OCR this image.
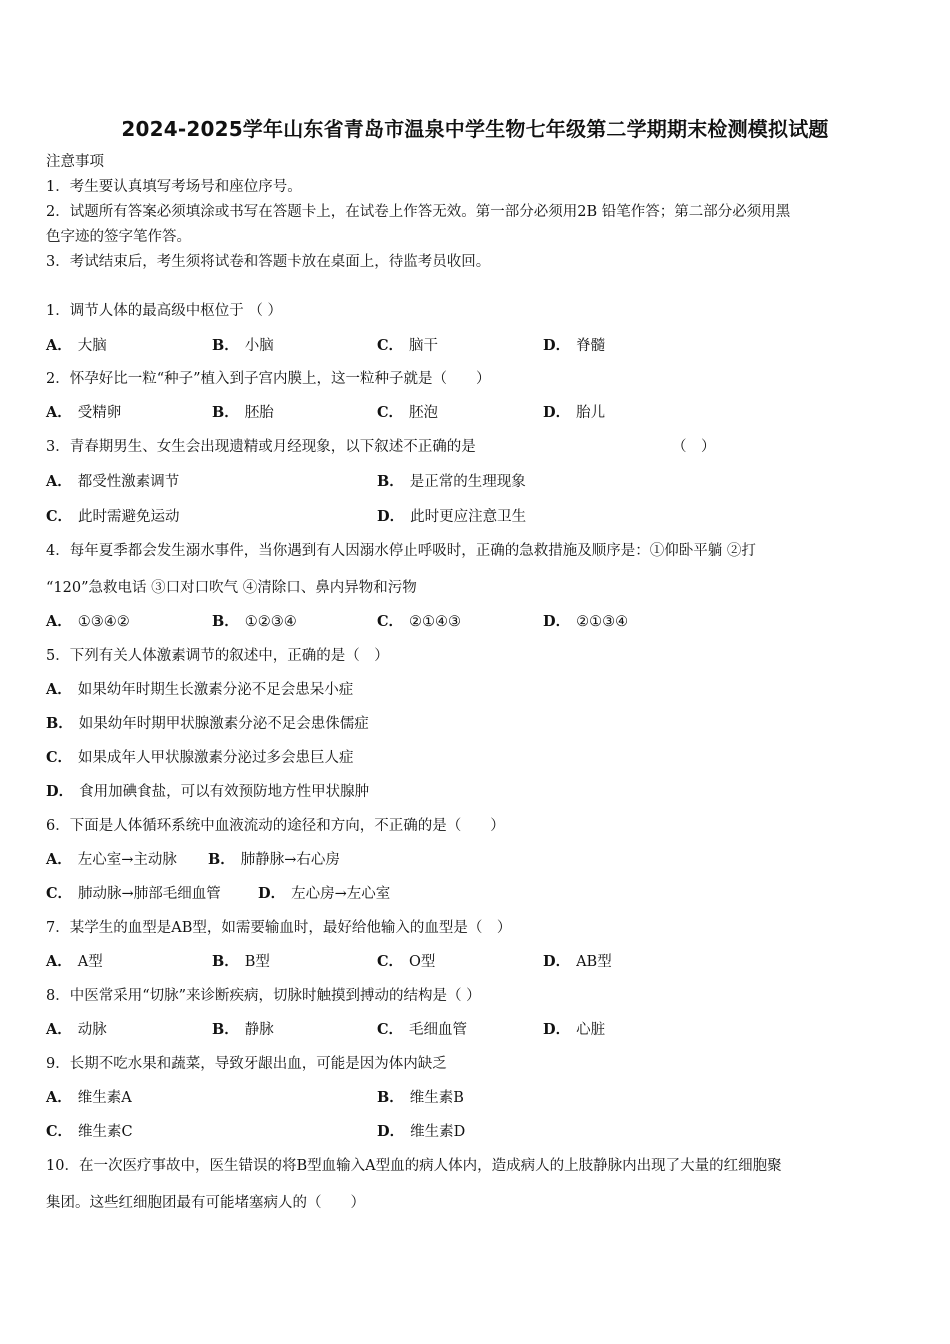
2024-2025学年山东省青岛市温泉中学生物七年级第二学期期末检测模拟试题
注意事项
1．考生要认真填写考场号和座位序号。
2．试题所有答案必须填涂或书写在答题卡上，在试卷上作答无效。第一部分必须用2B 铅笔作答；第二部分必须用黑
色字迹的签字笔作答。
3．考试结束后，考生须将试卷和答题卡放在桌面上，待监考员收回。
1．调节人体的最高级中枢位于 （ ）
A． 大脑	B． 小脑	C． 脑干	D． 脊髓
2．怀孕好比一粒“种子”植入到子宫内膜上，这一粒种子就是（　　）
A． 受精卵	B． 胚胎	C． 胚泡	D． 胎儿
3．青春期男生、女生会出现遗精或月经现象，以下叙述不正确的是	（　）
A． 都受性激素调节	B． 是正常的生理现象
C． 此时需避免运动	D． 此时更应注意卫生
4．每年夏季都会发生溺水事件，当你遇到有人因溺水停止呼吸时，正确的急救措施及顺序是：①仰卧平躺 ②打
“120”急救电话 ③口对口吹气 ④清除口、鼻内异物和污物
A． ①③④②	B． ①②③④	C． ②①④③	D． ②①③④
5．下列有关人体激素调节的叙述中，正确的是（　）
A． 如果幼年时期生长激素分泌不足会患呆小症
B． 如果幼年时期甲状腺激素分泌不足会患侏儒症
C． 如果成年人甲状腺激素分泌过多会患巨人症
D． 食用加碘食盐，可以有效预防地方性甲状腺肿
6．下面是人体循环系统中血液流动的途径和方向，不正确的是（　　）
A． 左心室→主动脉 B． 肺静脉→右心房
C． 肺动脉→肺部毛细血管	D． 左心房→左心室
7．某学生的血型是AB型，如需要输血时，最好给他输入的血型是（　）
A． A型	B． B型	C． O型	D． AB型
8．中医常采用“切脉”来诊断疾病，切脉时触摸到搏动的结构是（ ）
A． 动脉	B． 静脉	C． 毛细血管	D． 心脏
9．长期不吃水果和蔬菜，导致牙龈出血，可能是因为体内缺乏
A． 维生素A	B． 维生素B
C． 维生素C	D． 维生素D
10．在一次医疗事故中，医生错误的将B型血输入A型血的病人体内，造成病人的上肢静脉内出现了大量的红细胞聚
集团。这些红细胞团最有可能堵塞病人的（　　）
